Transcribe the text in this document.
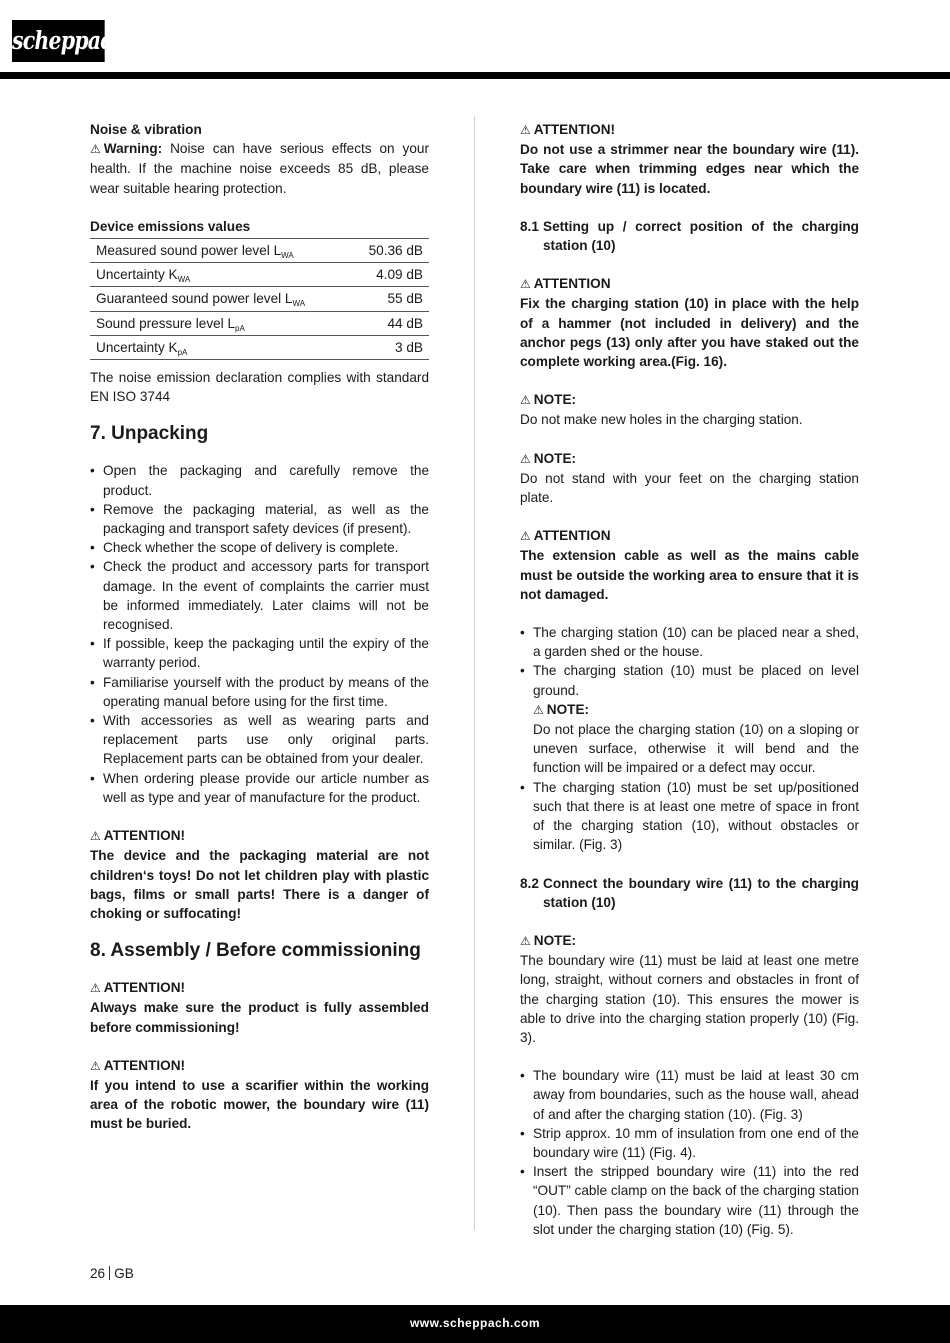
scheppach

Noise & vibration

⚠ Warning: Noise can have serious effects on your health. If the machine noise exceeds 85 dB, please wear suitable hearing protection.

Device emissions values

Measured sound power level $L_{WA}$	50.36 dB
Uncertainty $K_{WA}$	4.09 dB
Guaranteed sound power level $L_{WA}$	55 dB
Sound pressure level $L_{pA}$	44 dB
Uncertainty $K_{pA}$	3 dB

The noise emission declaration complies with standard EN ISO 3744

7. Unpacking
• Open the packaging and carefully remove the product.
• Remove the packaging material, as well as the packaging and transport safety devices (if present).
• Check whether the scope of delivery is complete.
• Check the product and accessory parts for transport damage. In the event of complaints the carrier must be informed immediately. Later claims will not be recognised.
• If possible, keep the packaging until the expiry of the warranty period.
• Familiarise yourself with the product by means of the operating manual before using for the first time.
• With accessories as well as wearing parts and replacement parts use only original parts. Replacement parts can be obtained from your dealer.
• When ordering please provide our article number as well as type and year of manufacture for the product.

⚠ ATTENTION!

The device and the packaging material are not children‘s toys! Do not let children play with plastic bags, films or small parts! There is a danger of choking or suffocating!

8. Assembly / Before commissioning

⚠ ATTENTION!

Always make sure the product is fully assembled before commissioning!

⚠ ATTENTION!

If you intend to use a scarifier within the working area of the robotic mower, the boundary wire (11) must be buried.

⚠ ATTENTION!

Do not use a strimmer near the boundary wire (11). Take care when trimming edges near which the boundary wire (11) is located.

8.1 Setting up / correct position of the charging station (10)

⚠ ATTENTION

Fix the charging station (10) in place with the help of a hammer (not included in delivery) and the anchor pegs (13) only after you have staked out the complete working area.(Fig. 16).

⚠ NOTE:

Do not make new holes in the charging station.

⚠ NOTE:

Do not stand with your feet on the charging station plate.

⚠ ATTENTION

The extension cable as well as the mains cable must be outside the working area to ensure that it is not damaged.

• The charging station (10) can be placed near a shed, a garden shed or the house.
• The charging station (10) must be placed on level ground.

⚠ NOTE:

Do not place the charging station (10) on a sloping or uneven surface, otherwise it will bend and the function will be impaired or a defect may occur.

• The charging station (10) must be set up/positioned such that there is at least one metre of space in front of the charging station (10), without obstacles or similar. (Fig. 3)
8.2 Connect the boundary wire (11) to the charging station (10)

⚠ NOTE:

The boundary wire (11) must be laid at least one metre long, straight, without corners and obstacles in front of the charging station (10). This ensures the mower is able to drive into the charging station properly (10) (Fig. 3).

• The boundary wire (11) must be laid at least 30 cm away from boundaries, such as the house wall, ahead of and after the charging station (10). (Fig. 3)
• Strip approx. 10 mm of insulation from one end of the boundary wire (11) (Fig. 4).
• Insert the stripped boundary wire (11) into the red “OUT” cable clamp on the back of the charging station (10). Then pass the boundary wire (11) through the slot under the charging station (10) (Fig. 5).
26 GB
www.scheppach.com
